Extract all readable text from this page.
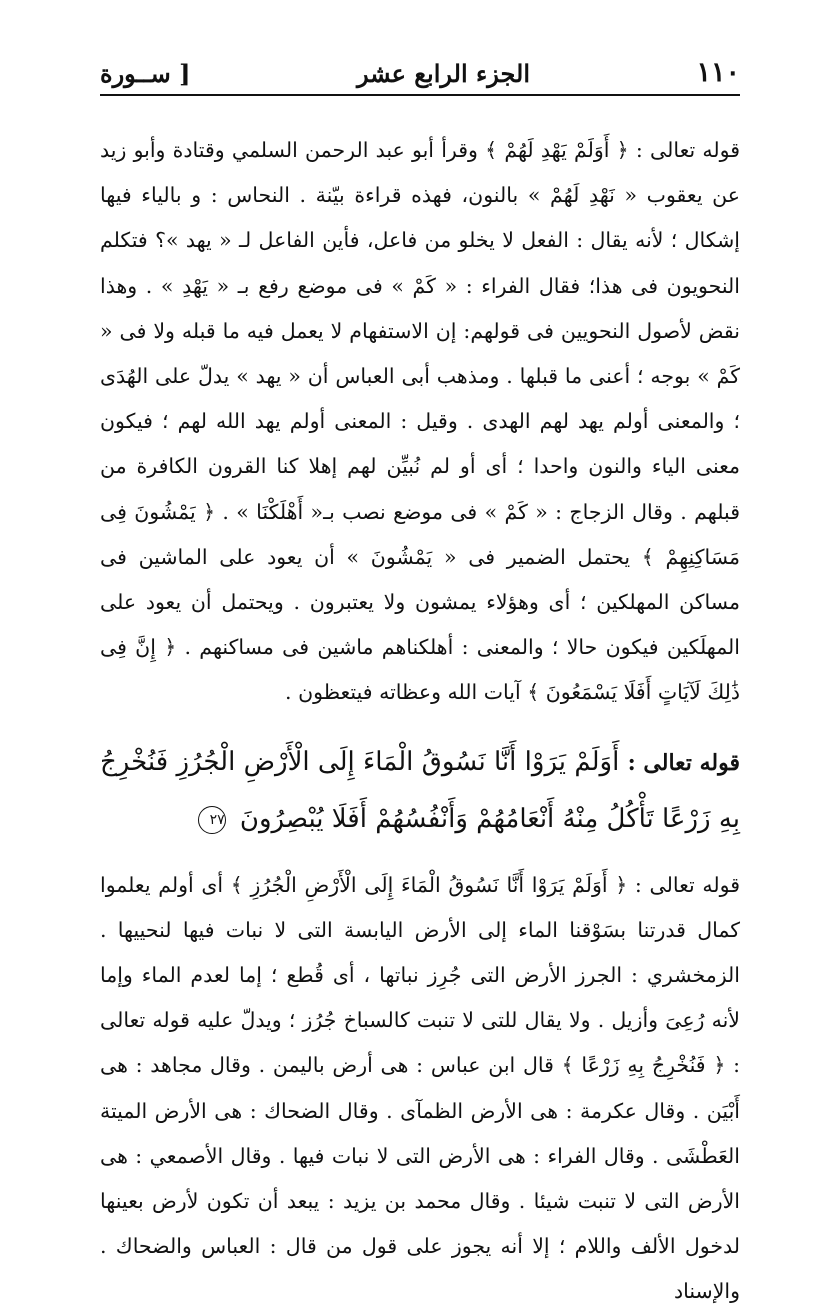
١١٠
الجزء الرابع عشر
[ ســورة

قوله تعالى : ﴿ أَوَلَمْ يَهْدِ لَهُمْ ﴾ وقرأ أبو عبد الرحمن السلمي وقتادة وأبو زيد عن يعقوب « نَهْدِ لَهُمْ » بالنون، فهذه قراءة بيّنة . النحاس : و بالياء فيها إشكال ؛ لأنه يقال : الفعل لا يخلو من فاعل، فأين الفاعل لـ « يهد »؟ فتكلم النحويون فى هذا؛ فقال الفراء : « كَمْ » فى موضع رفع بـ « يَهْدِ » . وهذا نقض لأصول النحويين فى قولهم: إن الاستفهام لا يعمل فيه ما قبله ولا فى « كَمْ » بوجه ؛ أعنى ما قبلها . ومذهب أبى العباس أن « يهد » يدلّ على الهُدَى ؛ والمعنى أولم يهد لهم الهدى . وقيل : المعنى أولم يهد الله لهم ؛ فيكون معنى الياء والنون واحدا ؛ أى أو لم نُبيِّن لهم إهلا كنا القرون الكافرة من قبلهم . وقال الزجاج : « كَمْ » فى موضع نصب بـ« أَهْلَكْنَا » . ﴿ يَمْشُونَ فِى مَسَاكِنِهِمْ ﴾ يحتمل الضمير فى « يَمْشُونَ » أن يعود على الماشين فى مساكن المهلكين ؛ أى وهؤلاء يمشون ولا يعتبرون . ويحتمل أن يعود على المهلَكين فيكون حالا ؛ والمعنى : أهلكناهم ماشين فى مساكنهم . ﴿ إِنَّ فِى ذَٰلِكَ لَآيَاتٍ أَفَلَا يَسْمَعُونَ ﴾ آيات الله وعظاته فيتعظون .

قوله تعالى : أَوَلَمْ يَرَوْا أَنَّا نَسُوقُ الْمَاءَ إِلَى الْأَرْضِ الْجُرُزِ فَنُخْرِجُ بِهِ زَرْعًا تَأْكُلُ مِنْهُ أَنْعَامُهُمْ وَأَنْفُسُهُمْ أَفَلَا يُبْصِرُونَ ٢٧

قوله تعالى : ﴿ أَوَلَمْ يَرَوْا أَنَّا نَسُوقُ الْمَاءَ إِلَى الْأَرْضِ الْجُرُزِ ﴾ أى أولم يعلموا كمال قدرتنا بسَوْقنا الماء إلى الأرض اليابسة التى لا نبات فيها لنحييها . الزمخشري : الجرز الأرض التى جُرِز نباتها ، أى قُطع ؛ إما لعدم الماء وإما لأنه رُعِىَ وأزيل . ولا يقال للتى لا تنبت كالسباخ جُرُز ؛ ويدلّ عليه قوله تعالى : ﴿ فَنُخْرِجُ بِهِ زَرْعًا ﴾ قال ابن عباس : هى أرض باليمن . وقال مجاهد : هى أَبْيَن . وقال عكرمة : هى الأرض الظمآى . وقال الضحاك : هى الأرض الميتة العَطْشَى . وقال الفراء : هى الأرض التى لا نبات فيها . وقال الأصمعي : هى الأرض التى لا تنبت شيئا . وقال محمد بن يزيد : يبعد أن تكون لأرض بعينها لدخول الألف واللام ؛ إلا أنه يجوز على قول من قال : العباس والضحاك . والإسناد
